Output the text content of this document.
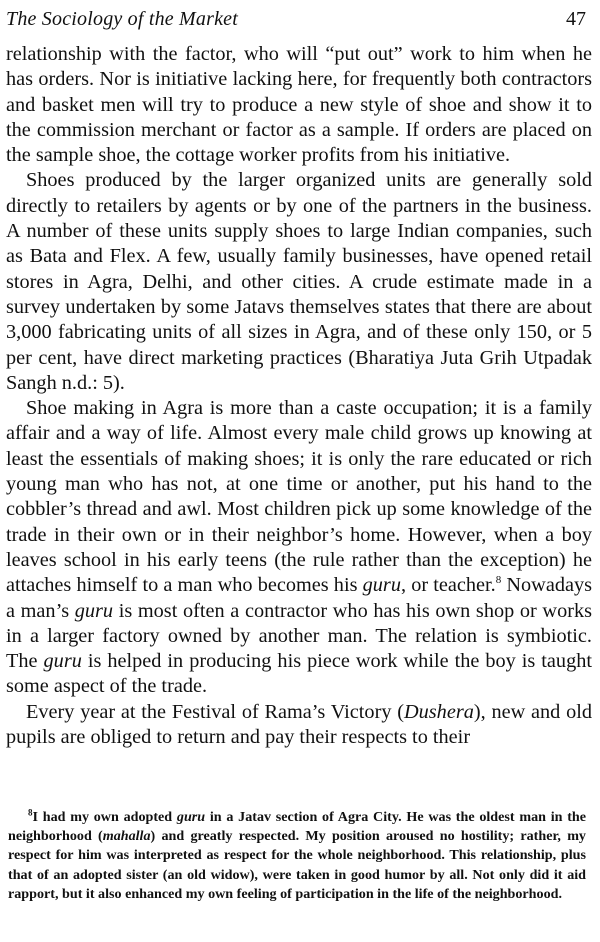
The Sociology of the Market	47

relationship with the factor, who will “put out” work to him when he has orders. Nor is initiative lacking here, for frequently both contractors and basket men will try to produce a new style of shoe and show it to the commission merchant or factor as a sample. If orders are placed on the sample shoe, the cottage worker profits from his initiative.

Shoes produced by the larger organized units are generally sold directly to retailers by agents or by one of the partners in the business. A number of these units supply shoes to large Indian companies, such as Bata and Flex. A few, usually family businesses, have opened retail stores in Agra, Delhi, and other cities. A crude estimate made in a survey undertaken by some Jatavs themselves states that there are about 3,000 fabricating units of all sizes in Agra, and of these only 150, or 5 per cent, have direct marketing practices (Bharatiya Juta Grih Utpadak Sangh n.d.: 5).

Shoe making in Agra is more than a caste occupation; it is a family affair and a way of life. Almost every male child grows up knowing at least the essentials of making shoes; it is only the rare educated or rich young man who has not, at one time or another, put his hand to the cobbler’s thread and awl. Most children pick up some knowledge of the trade in their own or in their neighbor’s home. However, when a boy leaves school in his early teens (the rule rather than the exception) he attaches himself to a man who becomes his guru, or teacher.$^8$ Nowadays a man’s guru is most often a contractor who has his own shop or works in a larger factory owned by another man. The relation is symbiotic. The guru is helped in producing his piece work while the boy is taught some aspect of the trade.

Every year at the Festival of Rama’s Victory (Dushera), new and old pupils are obliged to return and pay their respects to their

$^8$I had my own adopted guru in a Jatav section of Agra City. He was the oldest man in the neighborhood (mahalla) and greatly respected. My position aroused no hostility; rather, my respect for him was interpreted as respect for the whole neighborhood. This relationship, plus that of an adopted sister (an old widow), were taken in good humor by all. Not only did it aid rapport, but it also enhanced my own feeling of participation in the life of the neighborhood.
